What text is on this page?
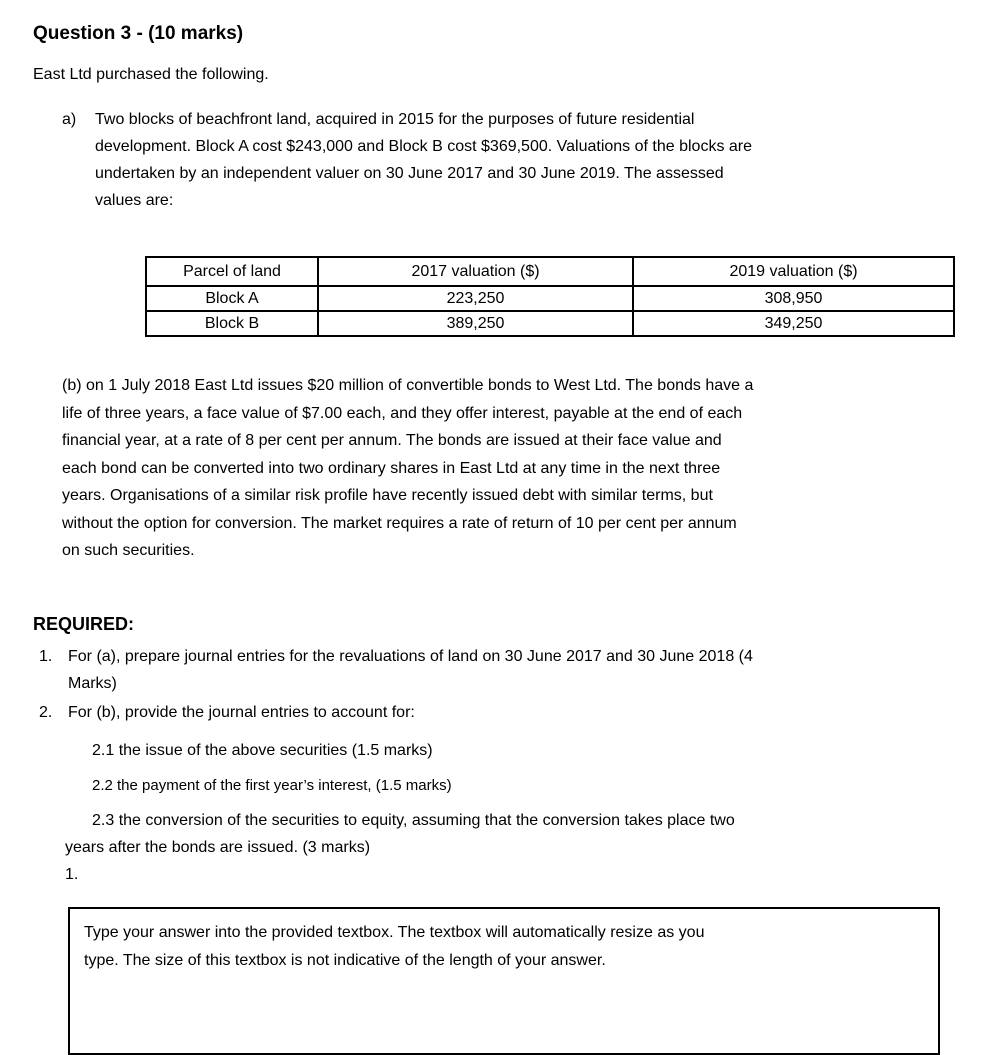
Question 3 - (10 marks)

East Ltd purchased the following.

a)	Two blocks of beachfront land, acquired in 2015 for the purposes of future residential
development. Block A cost $243,000 and Block B cost $369,500. Valuations of the blocks are
undertaken by an independent valuer on 30 June 2017 and 30 June 2019. The assessed
values are:
Parcel of land	2017 valuation ($)	2019 valuation ($)
Block A	223,250	308,950
Block B	389,250	349,250
(b) on 1 July 2018 East Ltd issues $20 million of convertible bonds to West Ltd. The bonds have a
life of three years, a face value of $7.00 each, and they offer interest, payable at the end of each
financial year, at a rate of 8 per cent per annum. The bonds are issued at their face value and
each bond can be converted into two ordinary shares in East Ltd at any time in the next three
years. Organisations of a similar risk profile have recently issued debt with similar terms, but
without the option for conversion. The market requires a rate of return of 10 per cent per annum
on such securities.
REQUIRED:
1. For (a), prepare journal entries for the revaluations of land on 30 June 2017 and 30 June 2018 (4
Marks)
2. For (b), provide the journal entries to account for:
2.1 the issue of the above securities (1.5 marks)
2.2 the payment of the first year’s interest, (1.5 marks)
2.3 the conversion of the securities to equity, assuming that the conversion takes place two
years after the bonds are issued. (3 marks)
1.
Type your answer into the provided textbox. The textbox will automatically resize as you
type. The size of this textbox is not indicative of the length of your answer.
